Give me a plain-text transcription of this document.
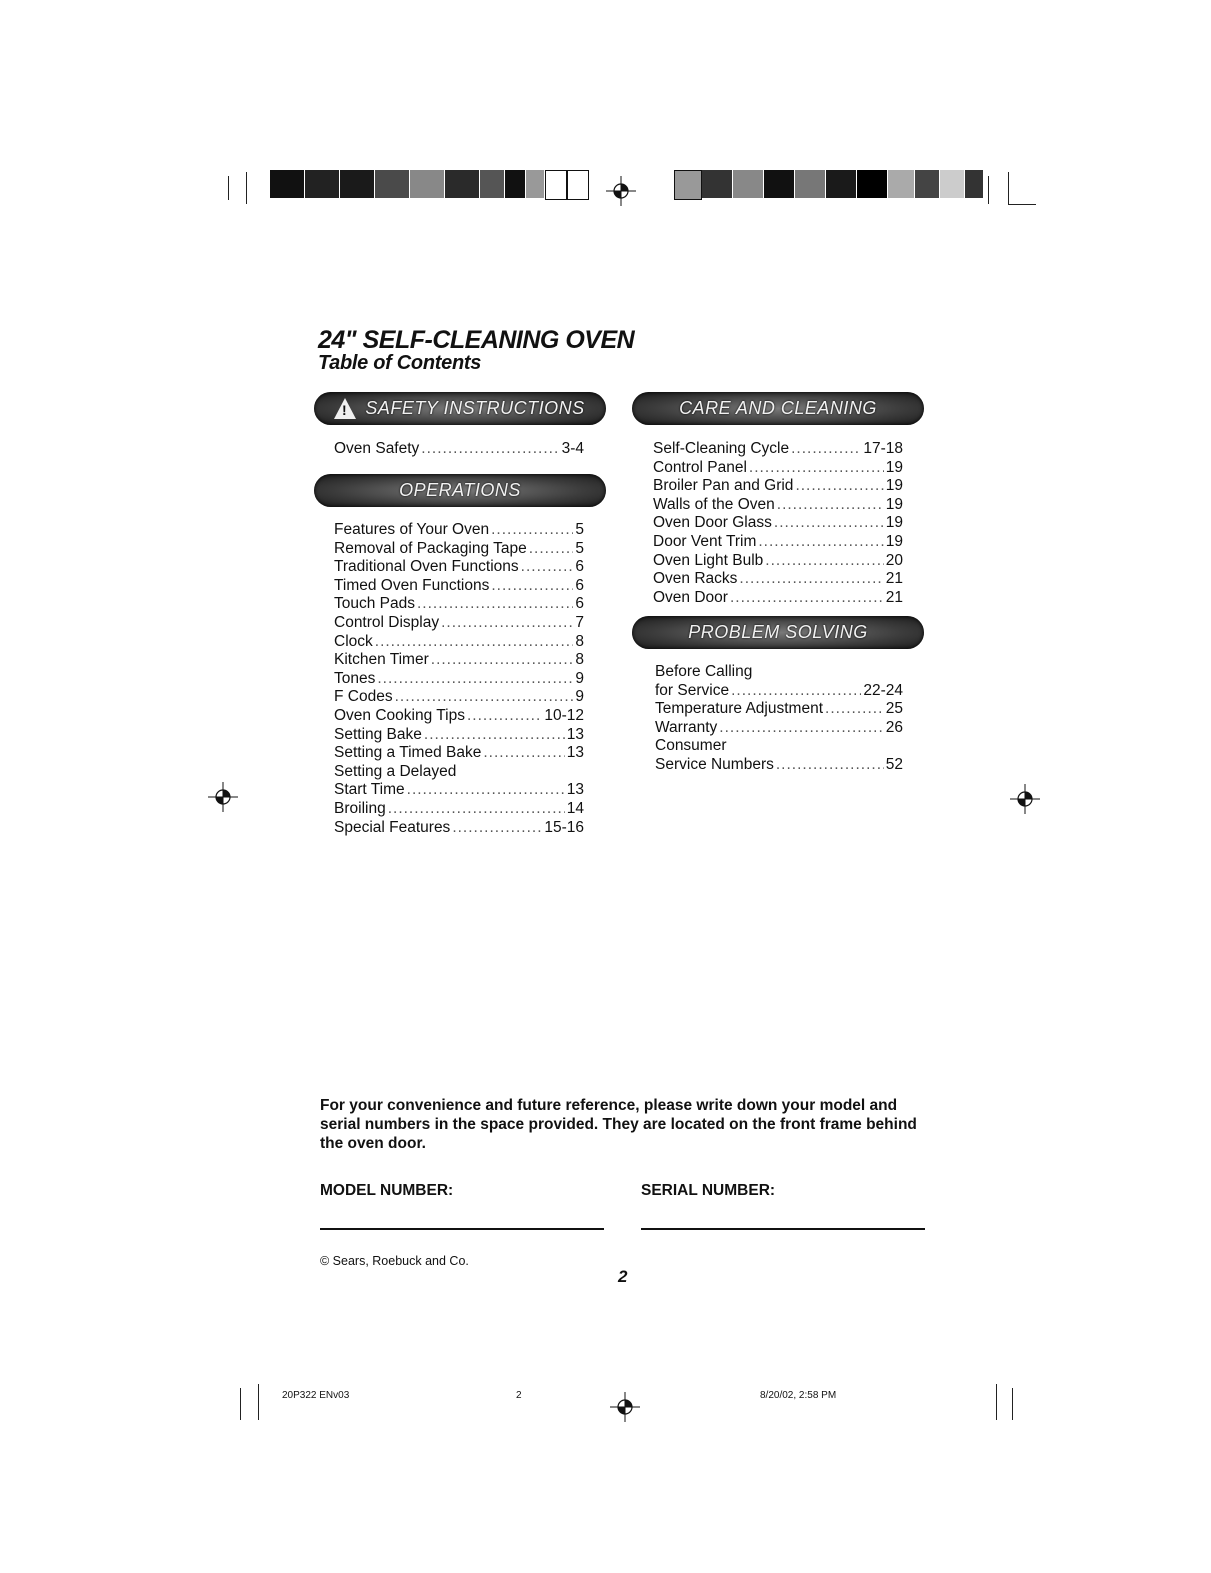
24" SELF-CLEANING OVEN
Table of Contents
!
SAFETY INSTRUCTIONS
Oven Safety .....	3-4
OPERATIONS
Features of Your Oven .....	5
Removal of Packaging Tape .....	5
Traditional Oven Functions .....	6
Timed Oven Functions .....	6
Touch Pads .....	6
Control Display .....	7
Clock .....	8
Kitchen Timer .....	8
Tones .....	9
F Codes .....	9
Oven Cooking Tips .....	10-12
Setting Bake .....	13
Setting a Timed Bake .....	13
Setting a Delayed
Start Time .....	13
Broiling .....	14
Special Features .....	15-16
CARE AND CLEANING
Self-Cleaning Cycle .....	17-18
Control Panel .....	19
Broiler Pan and Grid .....	19
Walls of the Oven .....	19
Oven Door Glass .....	19
Door Vent Trim .....	19
Oven Light Bulb .....	20
Oven Racks .....	21
Oven Door .....	21
PROBLEM SOLVING
Before Calling
for Service .....	22-24
Temperature Adjustment .....	25
Warranty .....	26
Consumer
Service Numbers .....	52
For your convenience and future reference, please write down your model and serial numbers in the space provided. They are located on the front frame behind the oven door.
MODEL NUMBER:	SERIAL NUMBER:
© Sears, Roebuck and Co.
2
20P322 ENv03	2	8/20/02, 2:58 PM
